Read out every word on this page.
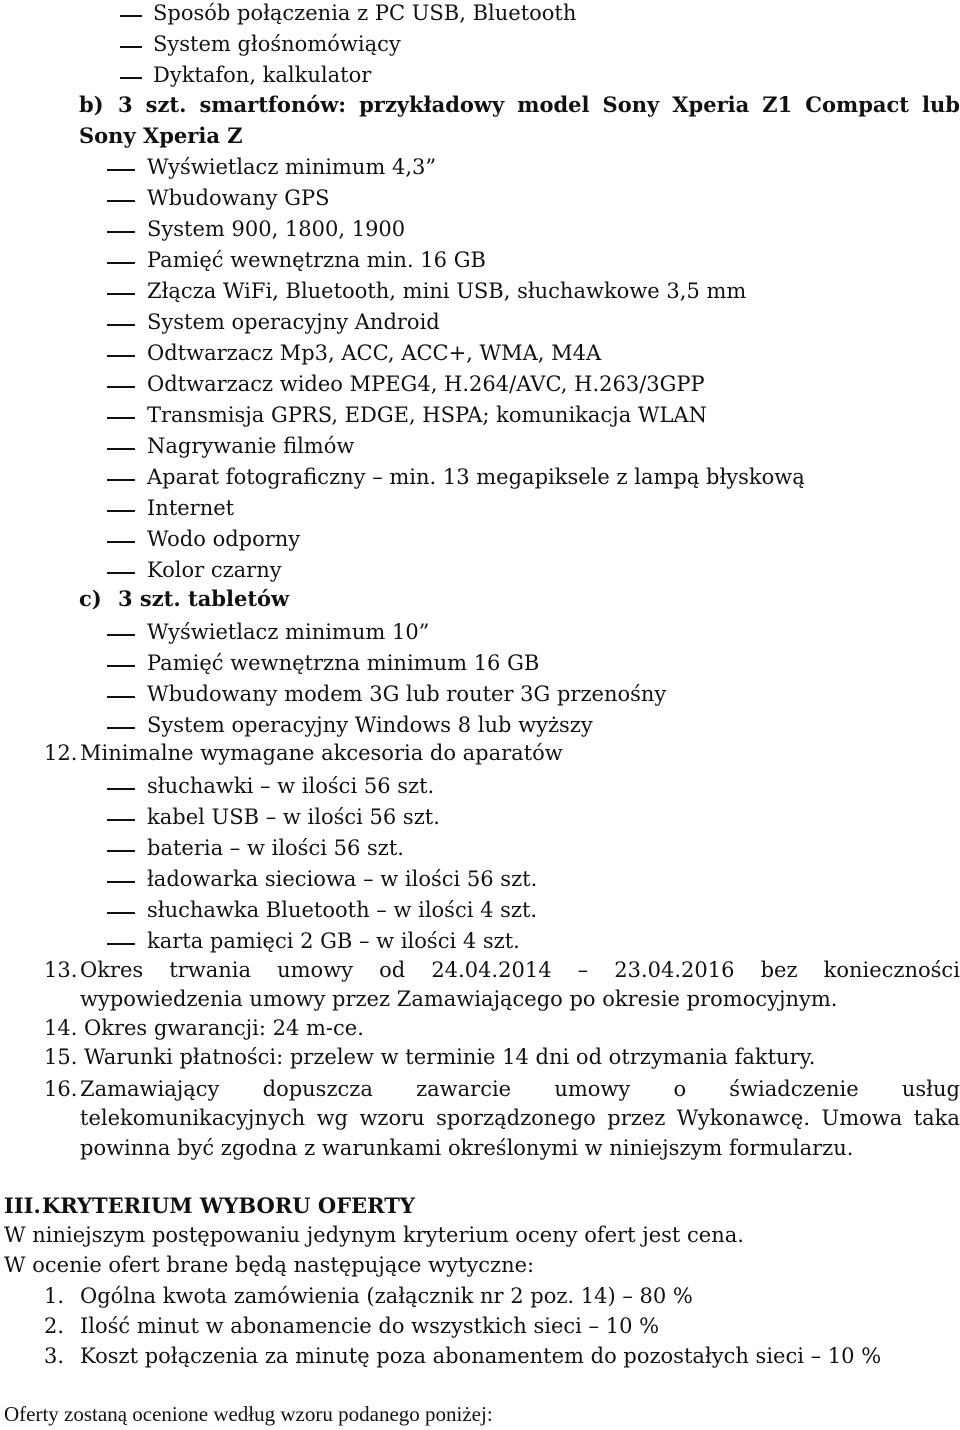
Sposób połączenia z PC USB, Bluetooth
System głośnomówiący
Dyktafon, kalkulator
b) 3 szt. smartfonów: przykładowy model Sony Xperia Z1 Compact lub
Sony Xperia Z
Wyświetlacz minimum 4,3”
Wbudowany GPS
System 900, 1800, 1900
Pamięć wewnętrzna min. 16 GB
Złącza WiFi, Bluetooth, mini USB, słuchawkowe 3,5 mm
System operacyjny Android
Odtwarzacz Mp3, ACC, ACC+, WMA, M4A
Odtwarzacz wideo MPEG4, H.264/AVC, H.263/3GPP
Transmisja GPRS, EDGE, HSPA; komunikacja WLAN
Nagrywanie filmów
Aparat fotograficzny – min. 13 megapiksele z lampą błyskową
Internet
Wodo odporny
Kolor czarny
c) 3 szt. tabletów
Wyświetlacz minimum 10”
Pamięć wewnętrzna minimum 16 GB
Wbudowany modem 3G lub router 3G przenośny
System operacyjny Windows 8 lub wyższy
12. Minimalne wymagane akcesoria do aparatów
słuchawki – w ilości 56 szt.
kabel USB – w ilości 56 szt.
bateria – w ilości 56 szt.
ładowarka sieciowa – w ilości 56 szt.
słuchawka Bluetooth – w ilości 4 szt.
karta pamięci 2 GB – w ilości 4 szt.
13. Okres trwania umowy od 24.04.2014 – 23.04.2016 bez konieczności
wypowiedzenia umowy przez Zamawiającego po okresie promocyjnym.
14. Okres gwarancji: 24 m-ce.
15. Warunki płatności: przelew w terminie 14 dni od otrzymania faktury.
16. Zamawiający dopuszcza zawarcie umowy o świadczenie usług
telekomunikacyjnych wg wzoru sporządzonego przez Wykonawcę. Umowa taka
powinna być zgodna z warunkami określonymi w niniejszym formularzu.
III. KRYTERIUM WYBORU OFERTY
W niniejszym postępowaniu jedynym kryterium oceny ofert jest cena.
W ocenie ofert brane będą następujące wytyczne:
1. Ogólna kwota zamówienia (załącznik nr 2 poz. 14) – 80 %
2. Ilość minut w abonamencie do wszystkich sieci – 10 %
3. Koszt połączenia za minutę poza abonamentem do pozostałych sieci – 10 %
Oferty zostaną ocenione według wzoru podanego poniżej:
